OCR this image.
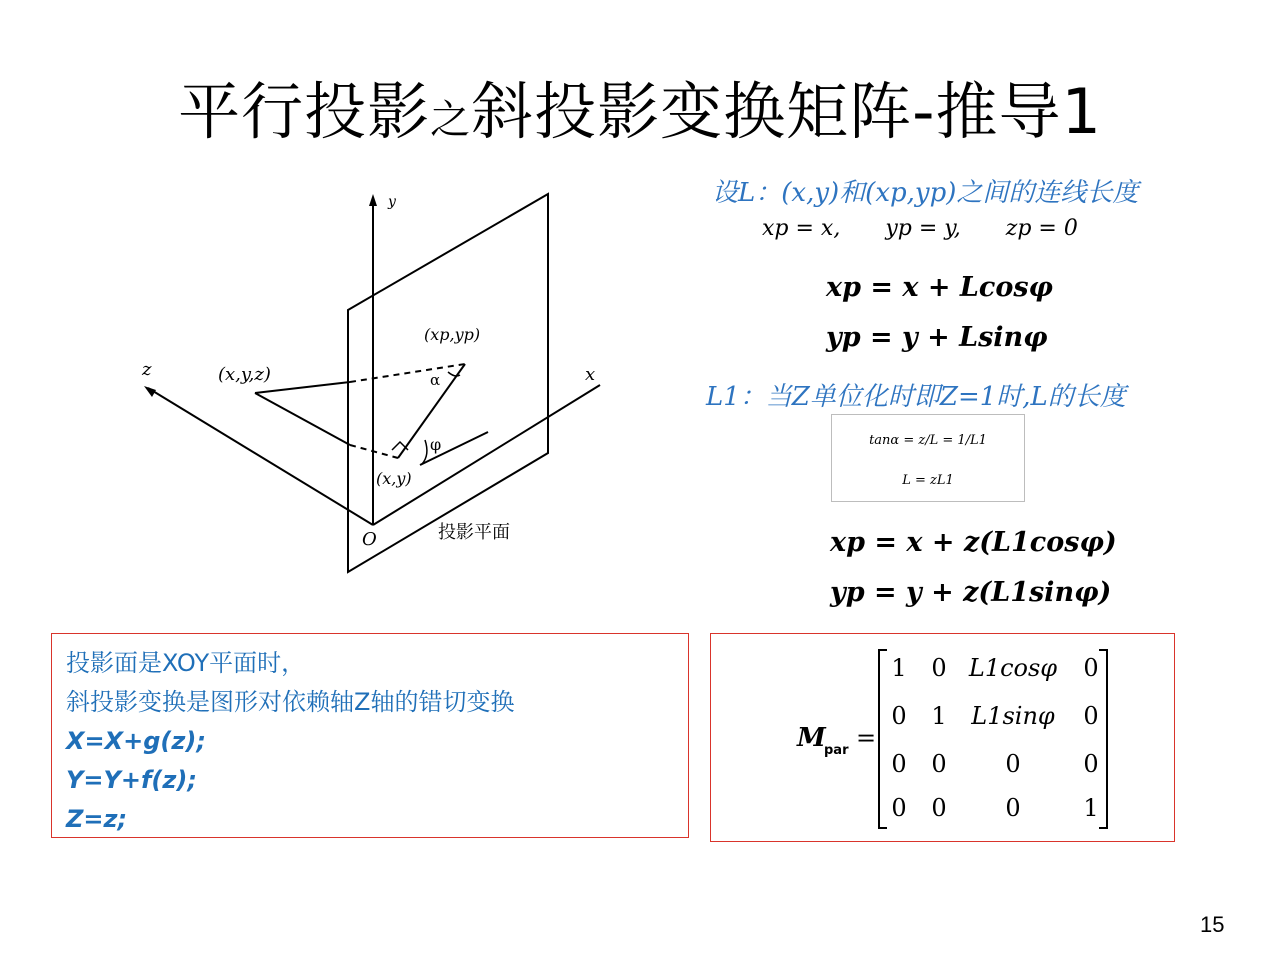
平行投影之斜投影变换矩阵-推导1
y
z	x
(x,y,z)
(xp,yp)
α
φ
(x,y)
O	投影平面
设L：(x,y)和(xp,yp)之间的连线长度
L1：当Z单位化时即Z=1时,L的长度
xp = x, yp = y, zp = 0
xp = x + Lcosφ
yp = y + Lsinφ
tanα = z/L = 1/L1
L = zL1
xp = x + z(L1cosφ)
yp = y + z(L1sinφ)
投影面是XOY平面时，
斜投影变换是图形对依赖轴Z轴的错切变换
X=X+g(z);
Y=Y+f(z);
Z=z;
M
par =
1 0 L1cosφ 0
0 1 L1sinφ 0
0 0 0	0
0 0 0	1
15
